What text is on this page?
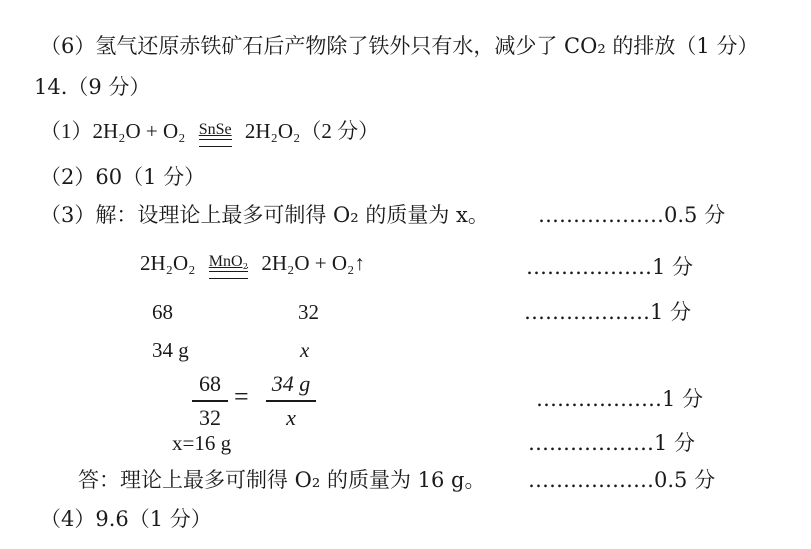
（6）氢气还原赤铁矿石后产物除了铁外只有水，减少了 CO₂ 的排放（1 分）
14.（9 分）
（1）2H₂O + O₂ SnSe 2H₂O₂（2 分）
（2）60（1 分）
（3）解：设理论上最多可制得 O₂ 的质量为 x。 ………………0.5 分
2H₂O₂ MnO₂ 2H₂O + O₂↑	………………1 分
68	32	………………1 分
34 g	x
68
32
= 34 g
x
………………1 分
x=16 g	………………1 分
答：理论上最多可制得 O₂ 的质量为 16 g。 ………………0.5 分
（4）9.6（1 分）
